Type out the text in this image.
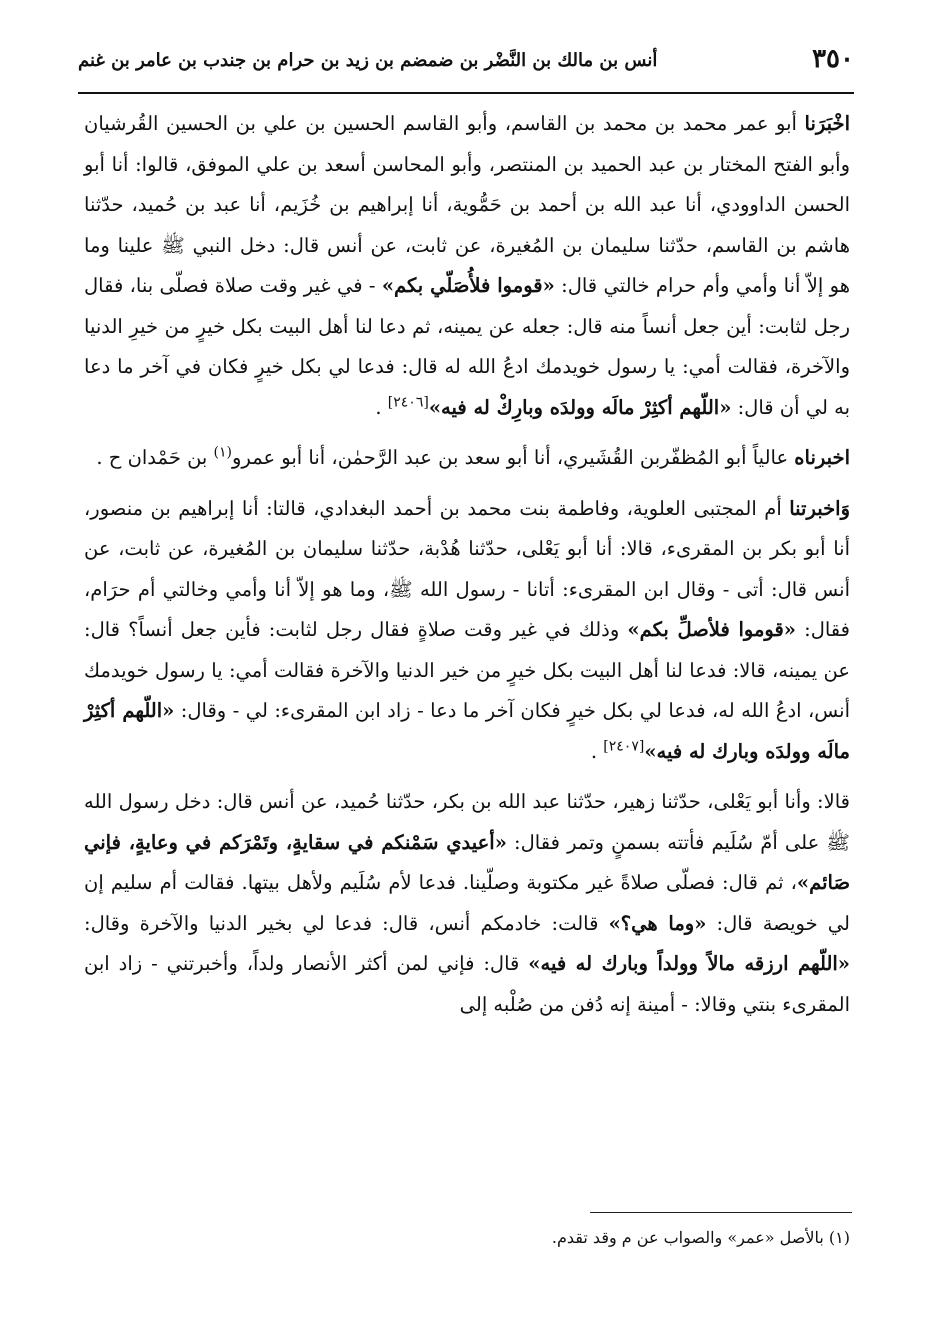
٣٥٠
أنس بن مالك بن النَّضْر بن ضمضم بن زيد بن حرام بن جندب بن عامر بن غنم

اخْبَرَنا أبو عمر محمد بن محمد بن القاسم، وأبو القاسم الحسين بن علي بن الحسين القُرشيان وأبو الفتح المختار بن عبد الحميد بن المنتصر، وأبو المحاسن أسعد بن علي الموفق، قالوا: أنا أبو الحسن الداوودي، أنا عبد الله بن أحمد بن حَمُّوية، أنا إبراهيم بن خُزَيم، أنا عبد بن حُميد، حدّثنا هاشم بن القاسم، حدّثنا سليمان بن المُغيرة، عن ثابت، عن أنس قال: دخل النبي ﷺ علينا وما هو إلاّ أنا وأمي وأم حرام خالتي قال: «قوموا فلأُصَلّي بكم» - في غير وقت صلاة فصلّى بنا، فقال رجل لثابت: أين جعل أنساً منه قال: جعله عن يمينه، ثم دعا لنا أهل البيت بكل خيرٍ من خيرِ الدنيا والآخرة، فقالت أمي: يا رسول خويدمك ادعُ الله له قال: فدعا لي بكل خيرٍ فكان في آخر ما دعا به لي أن قال: «اللّهم أكثِرْ مالَه وولدَه وبارِكْ له فيه»[٢٤٠٦] .

اخبرناه عالياً أبو المُظفّربن القُشَيري، أنا أبو سعد بن عبد الرَّحمٰن، أنا أبو عمرو$^{(١)}$ بن حَمْدان ح .

وَاخبرتنا أم المجتبى العلوية، وفاطمة بنت محمد بن أحمد البغدادي، قالتا: أنا إبراهيم بن منصور، أنا أبو بكر بن المقرىء، قالا: أنا أبو يَعْلى، حدّثنا هُدْبة، حدّثنا سليمان بن المُغيرة، عن ثابت، عن أنس قال: أتى - وقال ابن المقرىء: أتانا - رسول الله ﷺ، وما هو إلاّ أنا وأمي وخالتي أم حرَام، فقال: «قوموا فلأصلِّ بكم» وذلك في غير وقت صلاةٍ فقال رجل لثابت: فأين جعل أنساً؟ قال: عن يمينه، قالا: فدعا لنا أهل البيت بكل خيرٍ من خير الدنيا والآخرة فقالت أمي: يا رسول خويدمك أنس، ادعُ الله له، فدعا لي بكل خيرٍ فكان آخر ما دعا - زاد ابن المقرىء: لي - وقال: «اللّهم أكثِرْ مالَه وولدَه وبارك له فيه»[٢٤٠٧] .

قالا: وأنا أبو يَعْلى، حدّثنا زهير، حدّثنا عبد الله بن بكر، حدّثنا حُميد، عن أنس قال: دخل رسول الله ﷺ على أمّ سُلَيم فأتته بسمنٍ وتمر فقال: «أعيدي سَمْنكم في سقايةٍ، وتَمْرَكم في وعايةٍ، فإني صَائم»، ثم قال: فصلّى صلاةً غير مكتوبة وصلّينا. فدعا لأم سُلَيم ولأهل بيتها. فقالت أم سليم إن لي خويصة قال: «وما هي؟» قالت: خادمكم أنس، قال: فدعا لي بخير الدنيا والآخرة وقال: «اللّهم ارزقه مالاً وولداً وبارك له فيه» قال: فإني لمن أكثر الأنصار ولداً، وأخبرتني - زاد ابن المقرىء بنتي وقالا: - أمينة إنه دُفن من صُلْبه إلى

(١) بالأصل «عمر» والصواب عن م وقد تقدم.
